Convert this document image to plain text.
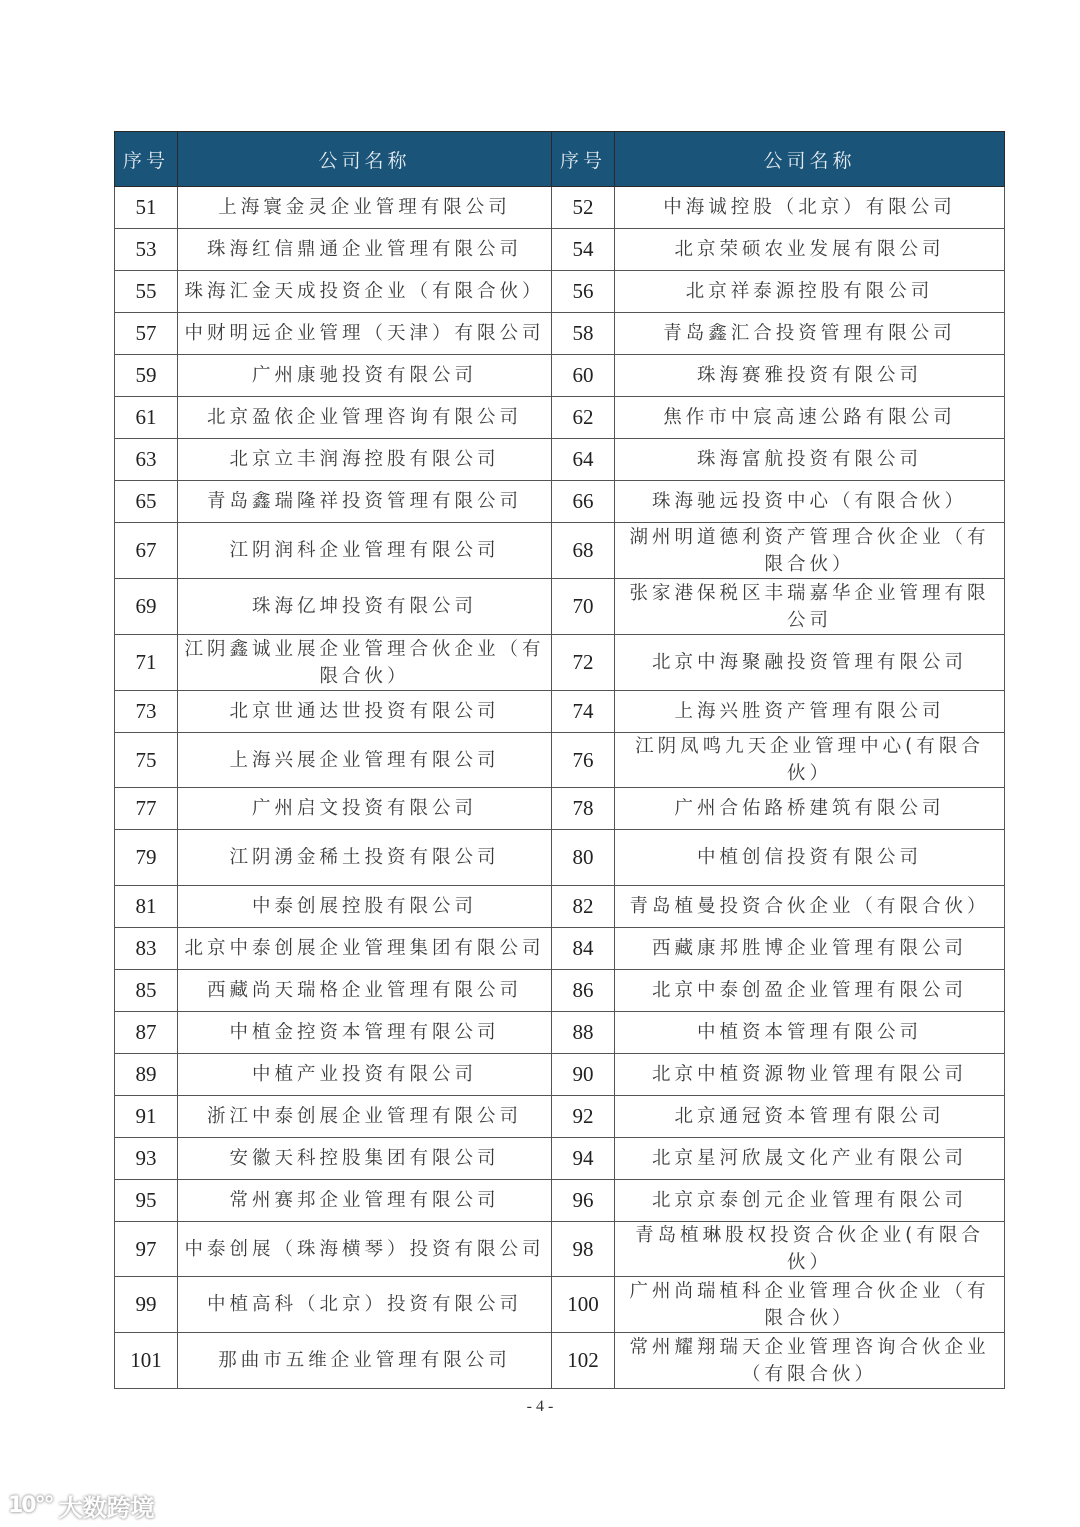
序号	公司名称	序号	公司名称
51	上海寰金灵企业管理有限公司	52	中海诚控股（北京）有限公司
53	珠海红信鼎通企业管理有限公司	54	北京荣硕农业发展有限公司
55	珠海汇金天成投资企业（有限合伙）	56	北京祥泰源控股有限公司
57	中财明远企业管理（天津）有限公司	58	青岛鑫汇合投资管理有限公司
59	广州康驰投资有限公司	60	珠海赛雅投资有限公司
61	北京盈依企业管理咨询有限公司	62	焦作市中宸高速公路有限公司
63	北京立丰润海控股有限公司	64	珠海富航投资有限公司
65	青岛鑫瑞隆祥投资管理有限公司	66	珠海驰远投资中心（有限合伙）
67	江阴润科企业管理有限公司	68	湖州明道德利资产管理合伙企业（有限合伙）
69	珠海亿坤投资有限公司	70	张家港保税区丰瑞嘉华企业管理有限公司
71	江阴鑫诚业展企业管理合伙企业（有限合伙）	72	北京中海聚融投资管理有限公司
73	北京世通达世投资有限公司	74	上海兴胜资产管理有限公司
75	上海兴展企业管理有限公司	76	江阴凤鸣九天企业管理中心(有限合伙）
77	广州启文投资有限公司	78	广州合佑路桥建筑有限公司
79	江阴湧金稀土投资有限公司	80	中植创信投资有限公司
81	中泰创展控股有限公司	82	青岛植曼投资合伙企业（有限合伙）
83	北京中泰创展企业管理集团有限公司	84	西藏康邦胜博企业管理有限公司
85	西藏尚天瑞格企业管理有限公司	86	北京中泰创盈企业管理有限公司
87	中植金控资本管理有限公司	88	中植资本管理有限公司
89	中植产业投资有限公司	90	北京中植资源物业管理有限公司
91	浙江中泰创展企业管理有限公司	92	北京通冠资本管理有限公司
93	安徽天科控股集团有限公司	94	北京星河欣晟文化产业有限公司
95	常州赛邦企业管理有限公司	96	北京京泰创元企业管理有限公司
97	中泰创展（珠海横琴）投资有限公司	98	青岛植琳股权投资合伙企业(有限合伙）
99	中植高科（北京）投资有限公司	100	广州尚瑞植科企业管理合伙企业（有限合伙）
101	那曲市五维企业管理有限公司	102	常州耀翔瑞天企业管理咨询合伙企业（有限合伙）
- 4 -
10°° 大数跨境
